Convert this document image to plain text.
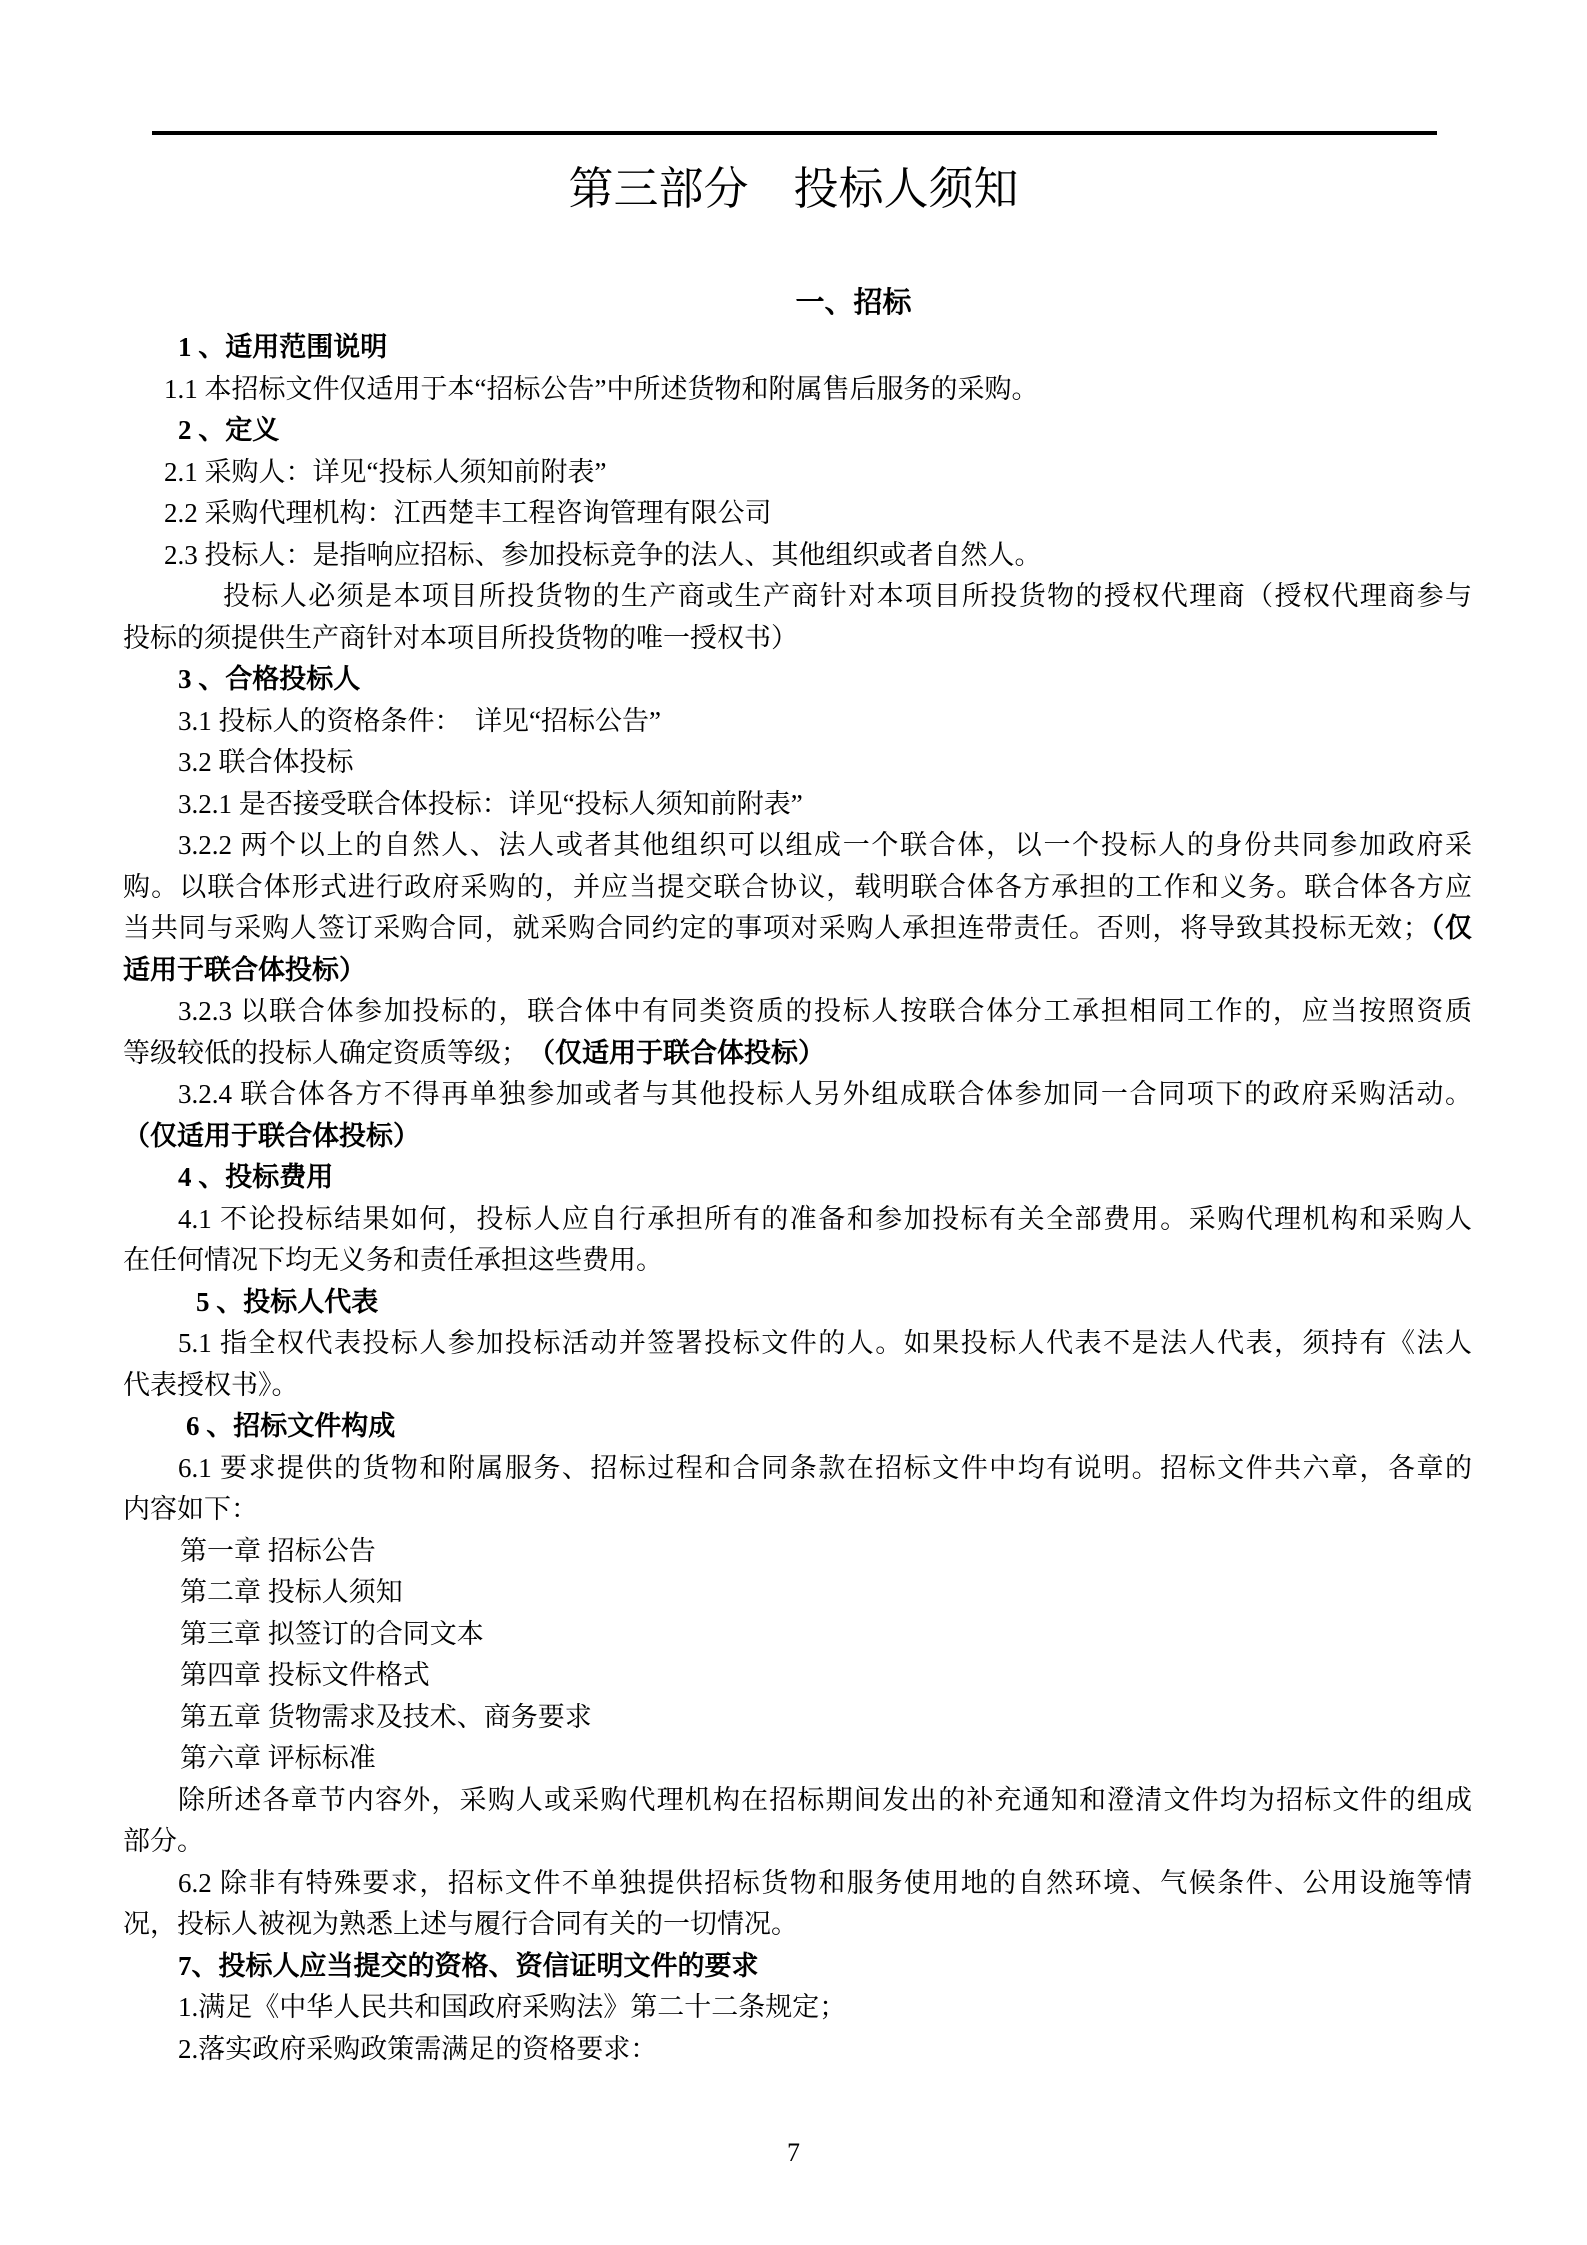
第三部分　投标人须知
一、招标
1 、适用范围说明
1.1 本招标文件仅适用于本“招标公告”中所述货物和附属售后服务的采购。
2 、定义
2.1 采购人：详见“投标人须知前附表”
2.2 采购代理机构：江西楚丰工程咨询管理有限公司
2.3 投标人：是指响应招标、参加投标竞争的法人、其他组织或者自然人。
投标人必须是本项目所投货物的生产商或生产商针对本项目所投货物的授权代理商（授权代理商参与
投标的须提供生产商针对本项目所投货物的唯一授权书）
3 、合格投标人
3.1 投标人的资格条件：　详见“招标公告”
3.2 联合体投标
3.2.1 是否接受联合体投标：详见“投标人须知前附表”
3.2.2 两个以上的自然人、法人或者其他组织可以组成一个联合体，以一个投标人的身份共同参加政府采
购。以联合体形式进行政府采购的，并应当提交联合协议，载明联合体各方承担的工作和义务。联合体各方应
当共同与采购人签订采购合同，就采购合同约定的事项对采购人承担连带责任。否则，将导致其投标无效；（仅
适用于联合体投标）
3.2.3 以联合体参加投标的，联合体中有同类资质的投标人按联合体分工承担相同工作的，应当按照资质
等级较低的投标人确定资质等级；　（仅适用于联合体投标）
3.2.4 联合体各方不得再单独参加或者与其他投标人另外组成联合体参加同一合同项下的政府采购活动。
（仅适用于联合体投标）
4 、投标费用
4.1 不论投标结果如何，投标人应自行承担所有的准备和参加投标有关全部费用。采购代理机构和采购人
在任何情况下均无义务和责任承担这些费用。
5 、投标人代表
5.1 指全权代表投标人参加投标活动并签署投标文件的人。如果投标人代表不是法人代表，须持有《法人
代表授权书》。
6 、招标文件构成
6.1 要求提供的货物和附属服务、招标过程和合同条款在招标文件中均有说明。招标文件共六章，各章的
内容如下：
第一章 招标公告
第二章 投标人须知
第三章 拟签订的合同文本
第四章 投标文件格式
第五章 货物需求及技术、商务要求
第六章 评标标准
除所述各章节内容外，采购人或采购代理机构在招标期间发出的补充通知和澄清文件均为招标文件的组成
部分。
6.2 除非有特殊要求，招标文件不单独提供招标货物和服务使用地的自然环境、气候条件、公用设施等情
况，投标人被视为熟悉上述与履行合同有关的一切情况。
7、投标人应当提交的资格、资信证明文件的要求
1.满足《中华人民共和国政府采购法》第二十二条规定；
2.落实政府采购政策需满足的资格要求：
7
